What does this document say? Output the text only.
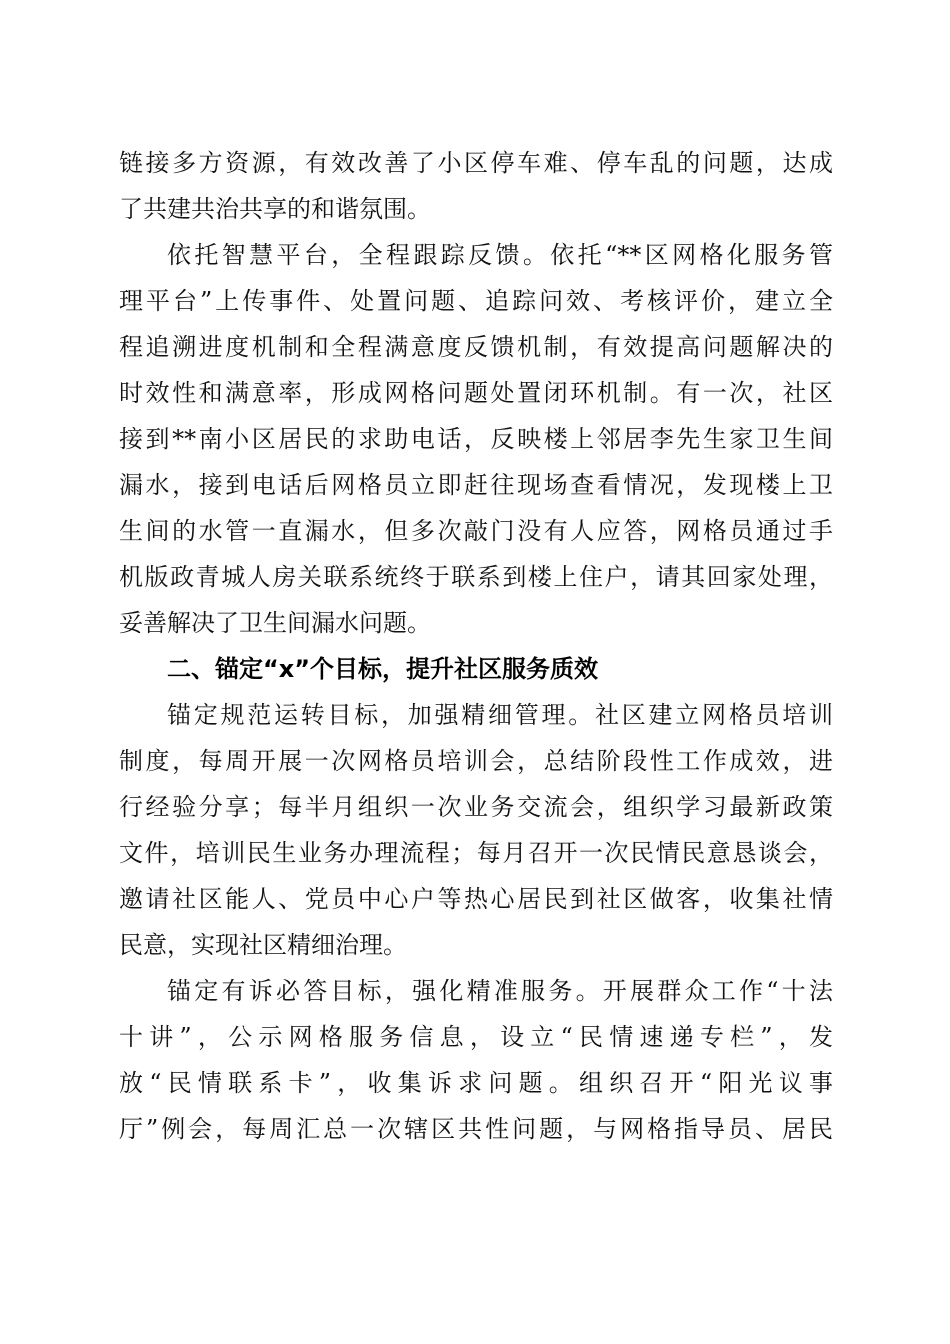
链接多方资源，有效改善了小区停车难、停车乱的问题，达成
了共建共治共享的和谐氛围。
依托智慧平台，全程跟踪反馈。依托“**区网格化服务管
理平台”上传事件、处置问题、追踪问效、考核评价，建立全
程追溯进度机制和全程满意度反馈机制，有效提高问题解决的
时效性和满意率，形成网格问题处置闭环机制。有一次，社区
接到**南小区居民的求助电话，反映楼上邻居李先生家卫生间
漏水，接到电话后网格员立即赶往现场查看情况，发现楼上卫
生间的水管一直漏水，但多次敲门没有人应答，网格员通过手
机版政青城人房关联系统终于联系到楼上住户，请其回家处理，
妥善解决了卫生间漏水问题。
二、锚定“x”个目标，提升社区服务质效
锚定规范运转目标，加强精细管理。社区建立网格员培训
制度，每周开展一次网格员培训会，总结阶段性工作成效，进
行经验分享；每半月组织一次业务交流会，组织学习最新政策
文件，培训民生业务办理流程；每月召开一次民情民意恳谈会，
邀请社区能人、党员中心户等热心居民到社区做客，收集社情
民意，实现社区精细治理。
锚定有诉必答目标，强化精准服务。开展群众工作“十法
十讲”，公示网格服务信息，设立“民情速递专栏”，发
放“民情联系卡”，收集诉求问题。组织召开“阳光议事
厅”例会，每周汇总一次辖区共性问题，与网格指导员、居民
